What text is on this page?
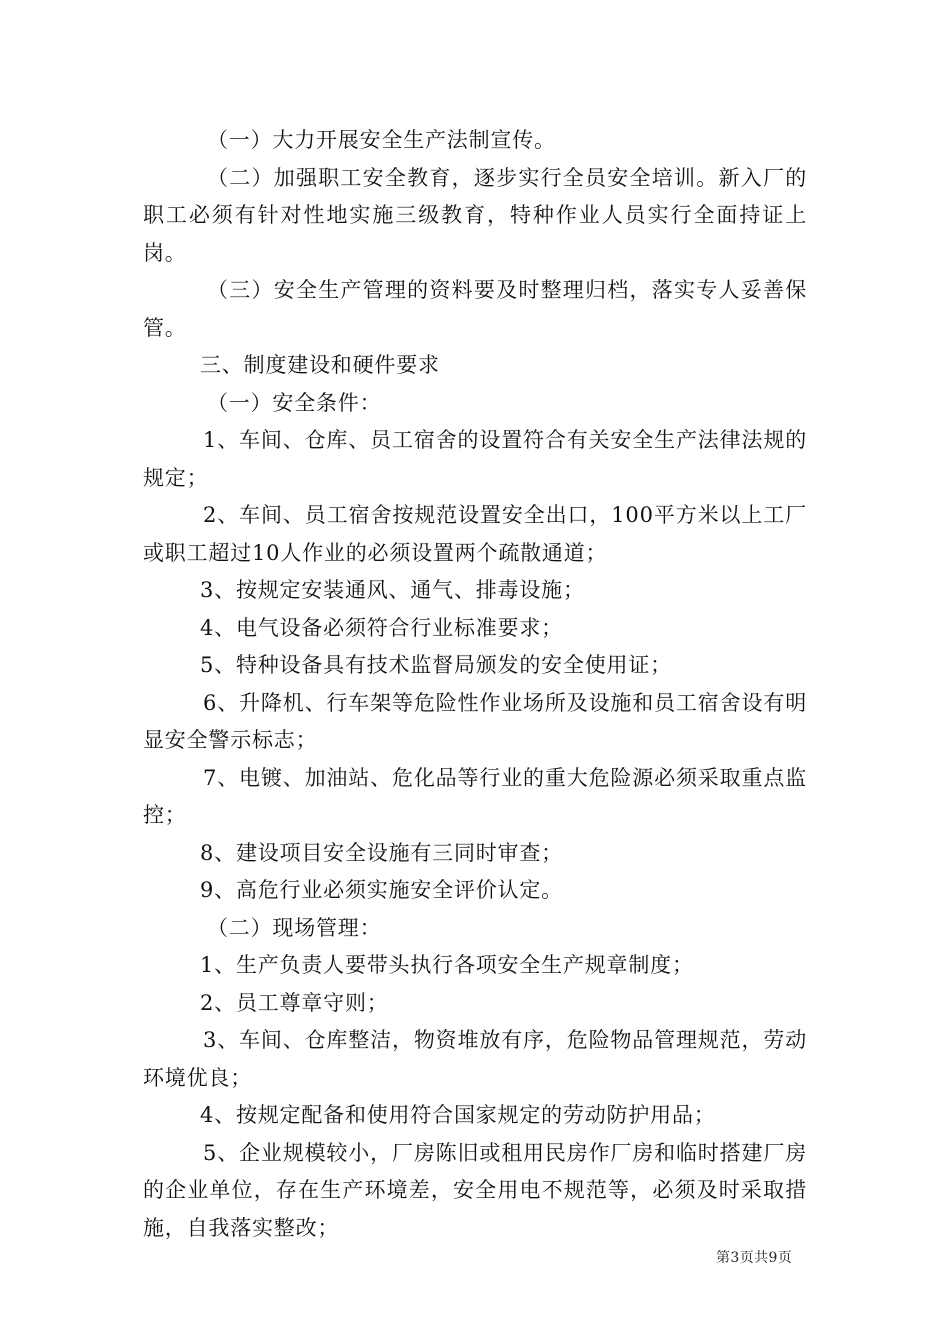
（一）大力开展安全生产法制宣传。

（二）加强职工安全教育，逐步实行全员安全培训。新入厂的职工必须有针对性地实施三级教育，特种作业人员实行全面持证上岗。

（三）安全生产管理的资料要及时整理归档，落实专人妥善保管。

三、制度建设和硬件要求

（一）安全条件：

1、车间、仓库、员工宿舍的设置符合有关安全生产法律法规的规定；

2、车间、员工宿舍按规范设置安全出口，100平方米以上工厂或职工超过10人作业的必须设置两个疏散通道；

3、按规定安装通风、通气、排毒设施；

4、电气设备必须符合行业标准要求；

5、特种设备具有技术监督局颁发的安全使用证；

6、升降机、行车架等危险性作业场所及设施和员工宿舍设有明显安全警示标志；

7、电镀、加油站、危化品等行业的重大危险源必须采取重点监控；

8、建设项目安全设施有三同时审查；

9、高危行业必须实施安全评价认定。

（二）现场管理：

1、生产负责人要带头执行各项安全生产规章制度；

2、员工尊章守则；

3、车间、仓库整洁，物资堆放有序，危险物品管理规范，劳动环境优良；

4、按规定配备和使用符合国家规定的劳动防护用品；

5、企业规模较小，厂房陈旧或租用民房作厂房和临时搭建厂房的企业单位，存在生产环境差，安全用电不规范等，必须及时采取措施，自我落实整改；

第3页共9页
